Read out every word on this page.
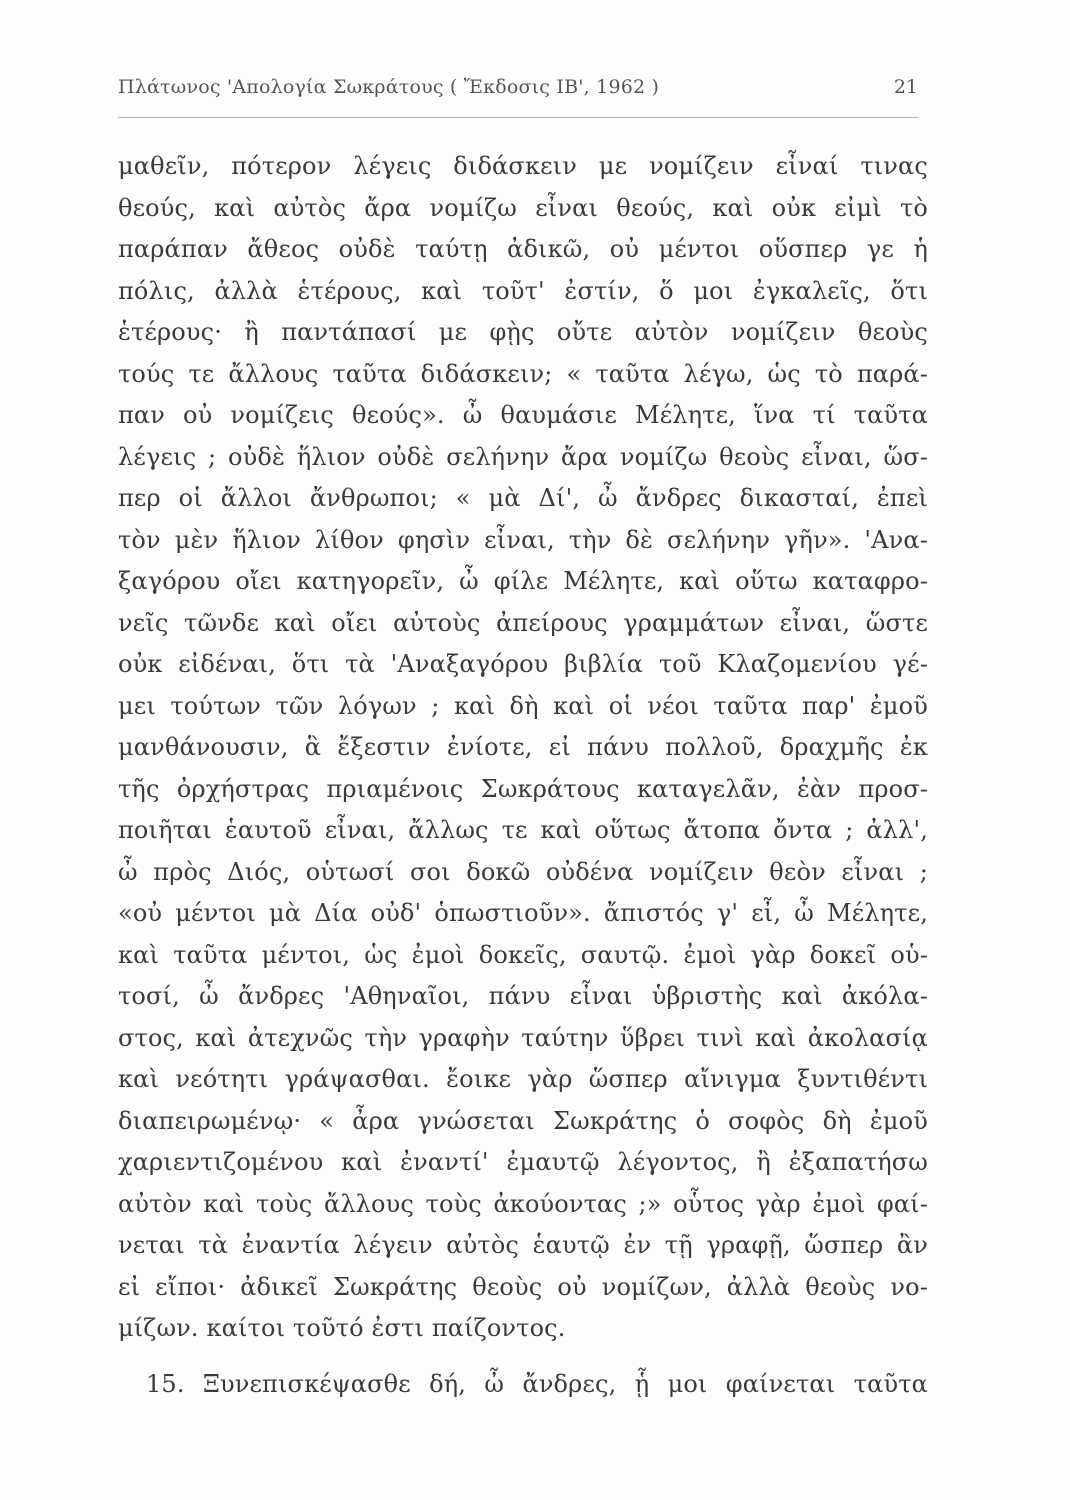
Πλάτωνος 'Απολογία Σωκράτους ( Ἔκδοσις ΙΒ', 1962 )	21
μαθεῖν, πότερον λέγεις διδάσκειν με νομίζειν εἶναί τινας
θεούς, καὶ αὐτὸς ἄρα νομίζω εἶναι θεούς, καὶ οὐκ εἰμὶ τὸ
παράπαν ἄθεος οὐδὲ ταύτῃ ἀδικῶ, οὐ μέντοι οὕσπερ γε ἡ
πόλις, ἀλλὰ ἑτέρους, καὶ τοῦτ' ἐστίν, ὅ μοι ἐγκαλεῖς, ὅτι
ἑτέρους· ἢ παντάπασί με φῂς οὔτε αὐτὸν νομίζειν θεοὺς
τούς τε ἄλλους ταῦτα διδάσκειν; « ταῦτα λέγω, ὡς τὸ παρά-
παν οὐ νομίζεις θεούς». ὦ θαυμάσιε Μέλητε, ἵνα τί ταῦτα
λέγεις ; οὐδὲ ἥλιον οὐδὲ σελήνην ἄρα νομίζω θεοὺς εἶναι, ὥσ-
περ οἱ ἄλλοι ἄνθρωποι; « μὰ Δί', ὦ ἄνδρες δικασταί, ἐπεὶ
τὸν μὲν ἥλιον λίθον φησὶν εἶναι, τὴν δὲ σελήνην γῆν». 'Ανα-
ξαγόρου οἴει κατηγορεῖν, ὦ φίλε Μέλητε, καὶ οὕτω καταφρο-
νεῖς τῶνδε καὶ οἴει αὐτοὺς ἀπείρους γραμμάτων εἶναι, ὥστε
οὐκ εἰδέναι, ὅτι τὰ 'Αναξαγόρου βιβλία τοῦ Κλαζομενίου γέ-
μει τούτων τῶν λόγων ; καὶ δὴ καὶ οἱ νέοι ταῦτα παρ' ἐμοῦ
μανθάνουσιν, ἃ ἔξεστιν ἐνίοτε, εἰ πάνυ πολλοῦ, δραχμῆς ἐκ
τῆς ὀρχήστρας πριαμένοις Σωκράτους καταγελᾶν, ἐὰν προσ-
ποιῆται ἑαυτοῦ εἶναι, ἄλλως τε καὶ οὕτως ἄτοπα ὄντα ; ἀλλ',
ὦ πρὸς Διός, οὑτωσί σοι δοκῶ οὐδένα νομίζειν θεὸν εἶναι ;
«οὐ μέντοι μὰ Δία οὐδ' ὁπωστιοῦν». ἄπιστός γ' εἶ, ὦ Μέλητε,
καὶ ταῦτα μέντοι, ὡς ἐμοὶ δοκεῖς, σαυτῷ. ἐμοὶ γὰρ δοκεῖ οὑ-
τοσί, ὦ ἄνδρες 'Αθηναῖοι, πάνυ εἶναι ὑβριστὴς καὶ ἀκόλα-
στος, καὶ ἀτεχνῶς τὴν γραφὴν ταύτην ὕβρει τινὶ καὶ ἀκολασίᾳ
καὶ νεότητι γράψασθαι. ἔοικε γὰρ ὥσπερ αἴνιγμα ξυντιθέντι
διαπειρωμένῳ· « ἆρα γνώσεται Σωκράτης ὁ σοφὸς δὴ ἐμοῦ
χαριεντιζομένου καὶ ἐναντί' ἐμαυτῷ λέγοντος, ἢ ἐξαπατήσω
αὐτὸν καὶ τοὺς ἄλλους τοὺς ἀκούοντας ;» οὗτος γὰρ ἐμοὶ φαί-
νεται τὰ ἐναντία λέγειν αὐτὸς ἑαυτῷ ἐν τῇ γραφῇ, ὥσπερ ἂν
εἰ εἴποι· ἀδικεῖ Σωκράτης θεοὺς οὐ νομίζων, ἀλλὰ θεοὺς νο-
μίζων. καίτοι τοῦτό ἐστι παίζοντος.
15. Ξυνεπισκέψασθε δή, ὦ ἄνδρες, ᾗ μοι φαίνεται ταῦτα
